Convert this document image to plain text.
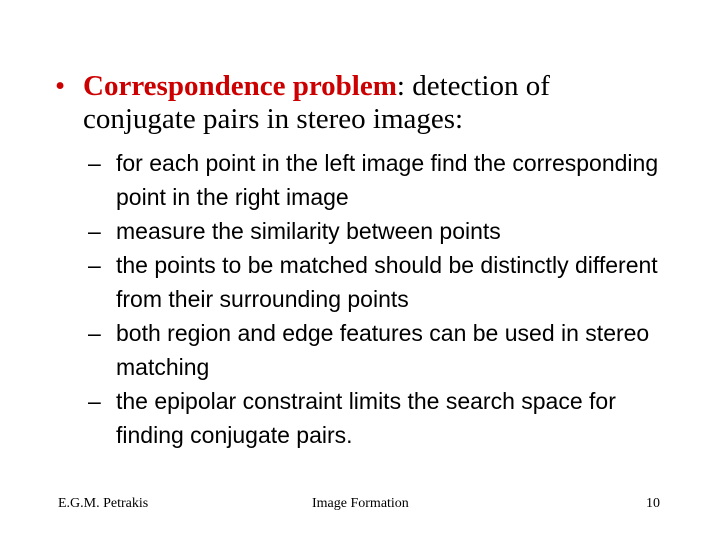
• Correspondence problem: detection of conjugate pairs in stereo images:
– for each point in the left image find the corresponding point in the right image
– measure the similarity between points
– the points to be matched should be distinctly different from their surrounding points
– both region and edge features can be used in stereo matching
– the epipolar constraint limits the search space for finding conjugate pairs.
E.G.M. Petrakis	Image Formation	10
